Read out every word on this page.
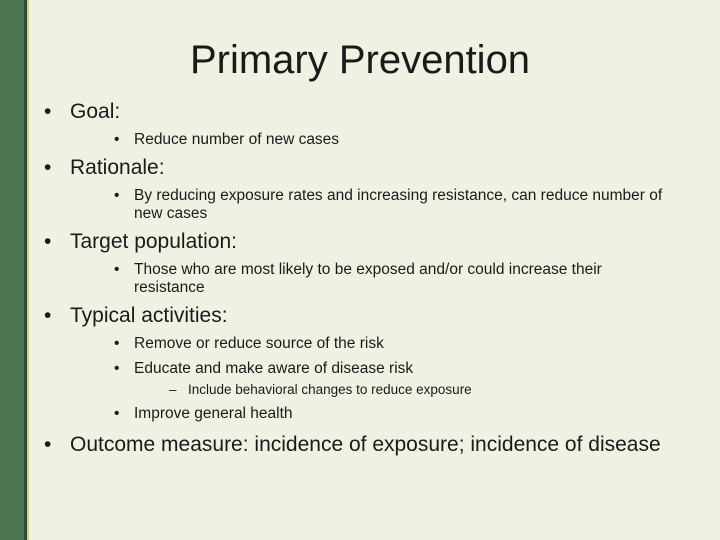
Primary Prevention
• Goal:
• Reduce number of new cases
• Rationale:
• By reducing exposure rates and increasing resistance, can reduce number of new cases
• Target population:
• Those who are most likely to be exposed and/or could increase their resistance
• Typical activities:
• Remove or reduce source of the risk
• Educate and make aware of disease risk
– Include behavioral changes to reduce exposure
• Improve general health
• Outcome measure: incidence of exposure; incidence of disease
